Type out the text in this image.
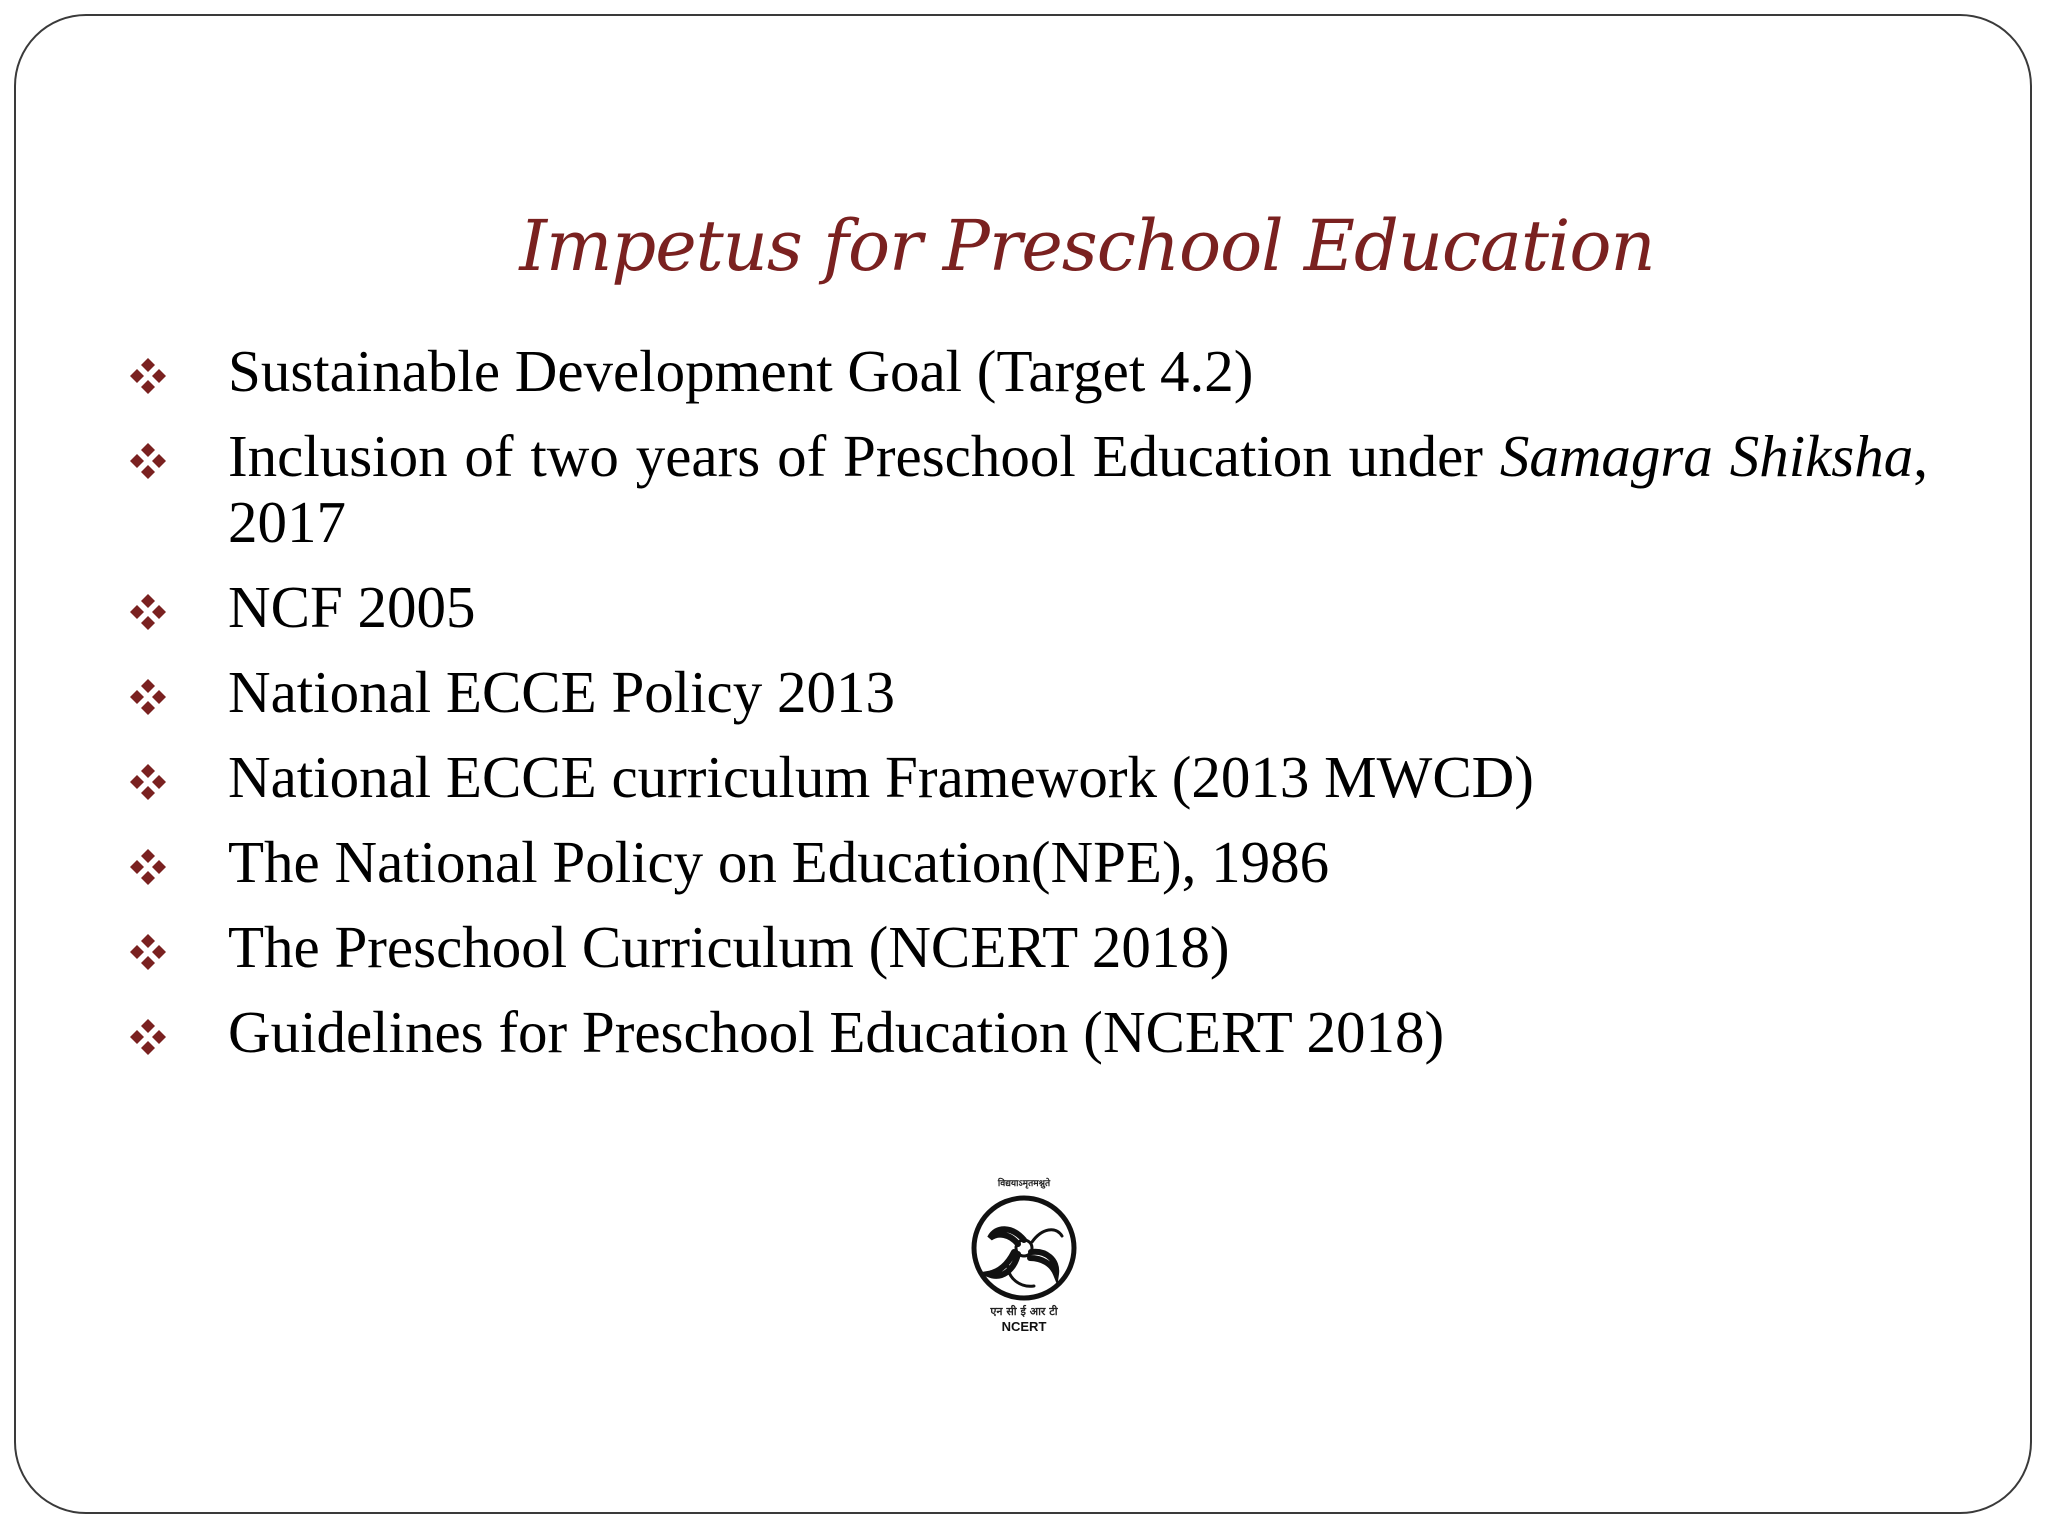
Impetus for Preschool Education
Sustainable Development Goal (Target 4.2)
Inclusion of two years of Preschool Education under Samagra Shiksha, 2017
NCF 2005
National ECCE Policy 2013
National ECCE curriculum Framework (2013 MWCD)
The National Policy on Education(NPE), 1986
The Preschool Curriculum (NCERT 2018)
Guidelines for Preschool Education (NCERT 2018)
विद्ययाऽमृतमश्नुते
एन सी ई आर टी
NCERT
